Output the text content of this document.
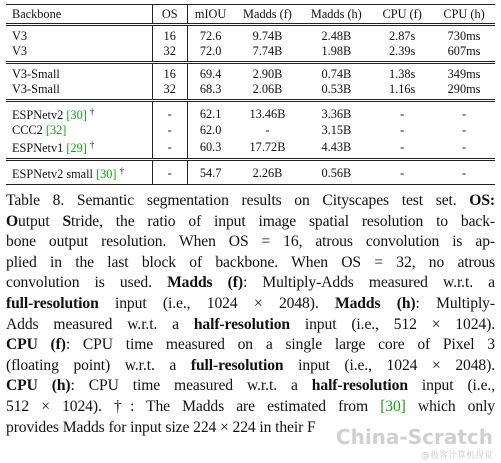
Backbone	OS	mIOU	Madds (f)	Madds (h)	CPU (f)	CPU (h)
V3	16	72.6	9.74B	2.48B	2.87s	730ms
V3	32	72.0	7.74B	1.98B	2.39s	607ms
V3-Small	16	69.4	2.90B	0.74B	1.38s	349ms
V3-Small	32	68.3	2.06B	0.53B	1.16s	290ms
ESPNetv2 [30] †	-	62.1	13.46B	3.36B	-	-
CCC2 [32]	-	62.0	-	3.15B	-	-
ESPNetv1 [29] †	-	60.3	17.72B	4.43B	-	-
ESPNetv2 small [30] †	-	54.7	2.26B	0.56B	-	-
Table 8. Semantic segmentation results on Cityscapes test set. OS:
Output Stride, the ratio of input image spatial resolution to back-
bone output resolution. When OS = 16, atrous convolution is ap-
plied in the last block of backbone. When OS = 32, no atrous
convolution is used. Madds (f): Multiply-Adds measured w.r.t. a
full-resolution input (i.e., 1024 × 2048). Madds (h): Multiply-
Adds measured w.r.t. a half-resolution input (i.e., 512 × 1024).
CPU (f): CPU time measured on a single large core of Pixel 3
(floating point) w.r.t. a full-resolution input (i.e., 1024 × 2048).
CPU (h): CPU time measured w.r.t. a half-resolution input (i.e.,
512 × 1024). †: The Madds are estimated from [30] which only
provides Madds for input size 224 × 224 in their F	China-Scratch
@极客计算机视觉
